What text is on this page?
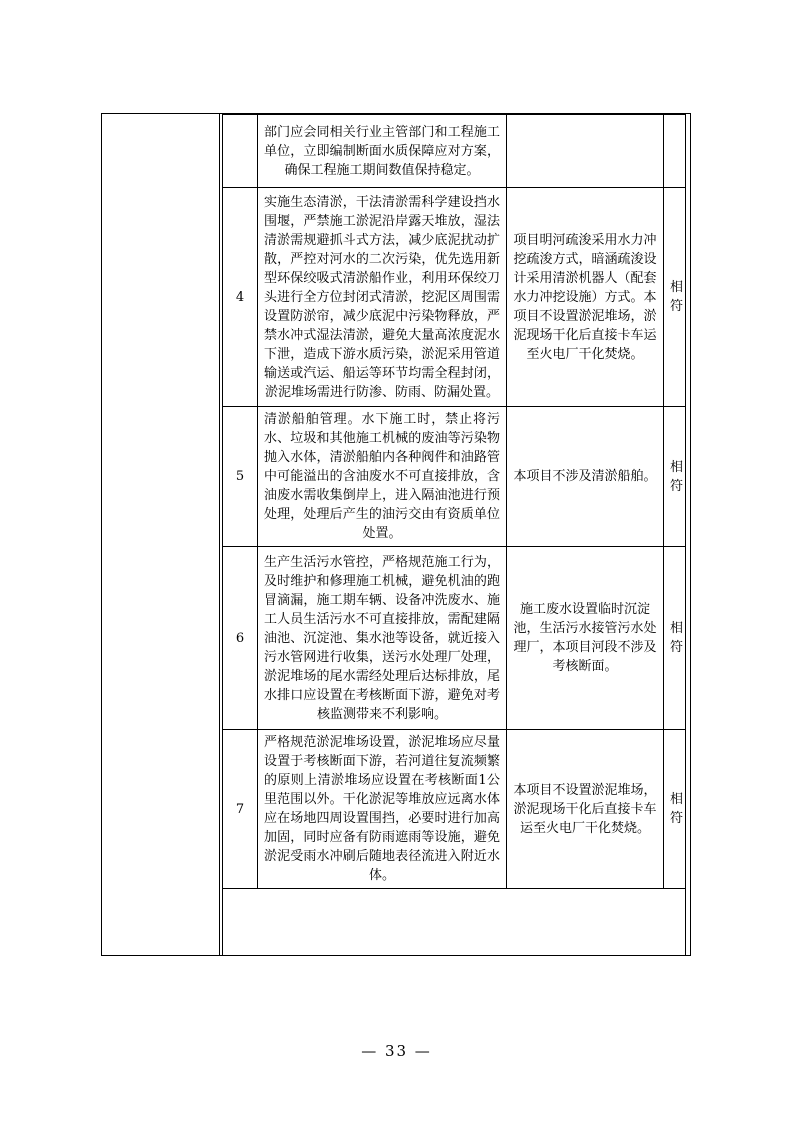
	部门应会同相关行业主管部门和工程施工单位，立即编制断面水质保障应对方案，确保工程施工期间数值保持稳定。		
4	实施生态清淤，干法清淤需科学建设挡水围堰，严禁施工淤泥沿岸露天堆放，湿法清淤需规避抓斗式方法，减少底泥扰动扩散，严控对河水的二次污染，优先选用新型环保绞吸式清淤船作业，利用环保绞刀头进行全方位封闭式清淤，挖泥区周围需设置防淤帘，减少底泥中污染物释放，严禁水冲式湿法清淤，避免大量高浓度泥水下泄，造成下游水质污染，淤泥采用管道输送或汽运、船运等环节均需全程封闭，淤泥堆场需进行防渗、防雨、防漏处置。	项目明河疏浚采用水力冲挖疏浚方式，暗涵疏浚设计采用清淤机器人（配套水力冲挖设施）方式。本项目不设置淤泥堆场，淤泥现场干化后直接卡车运至火电厂干化焚烧。	相符
5	清淤船舶管理。水下施工时，禁止将污水、垃圾和其他施工机械的废油等污染物抛入水体，清淤船舶内各种阀件和油路管中可能溢出的含油废水不可直接排放，含油废水需收集倒岸上，进入隔油池进行预处理，处理后产生的油污交由有资质单位处置。	本项目不涉及清淤船舶。	相符
6	生产生活污水管控，严格规范施工行为，及时维护和修理施工机械，避免机油的跑冒滴漏，施工期车辆、设备冲洗废水、施工人员生活污水不可直接排放，需配建隔油池、沉淀池、集水池等设备，就近接入污水管网进行收集，送污水处理厂处理，淤泥堆场的尾水需经处理后达标排放，尾水排口应设置在考核断面下游，避免对考核监测带来不利影响。	施工废水设置临时沉淀池，生活污水接管污水处理厂，本项目河段不涉及考核断面。	相符
7	严格规范淤泥堆场设置，淤泥堆场应尽量设置于考核断面下游，若河道往复流频繁的原则上清淤堆场应设置在考核断面1公里范围以外。干化淤泥等堆放应远离水体应在场地四周设置围挡，必要时进行加高加固，同时应备有防雨遮雨等设施，避免淤泥受雨水冲刷后随地表径流进入附近水体。	本项目不设置淤泥堆场，淤泥现场干化后直接卡车运至火电厂干化焚烧。	相符
— 33 —
